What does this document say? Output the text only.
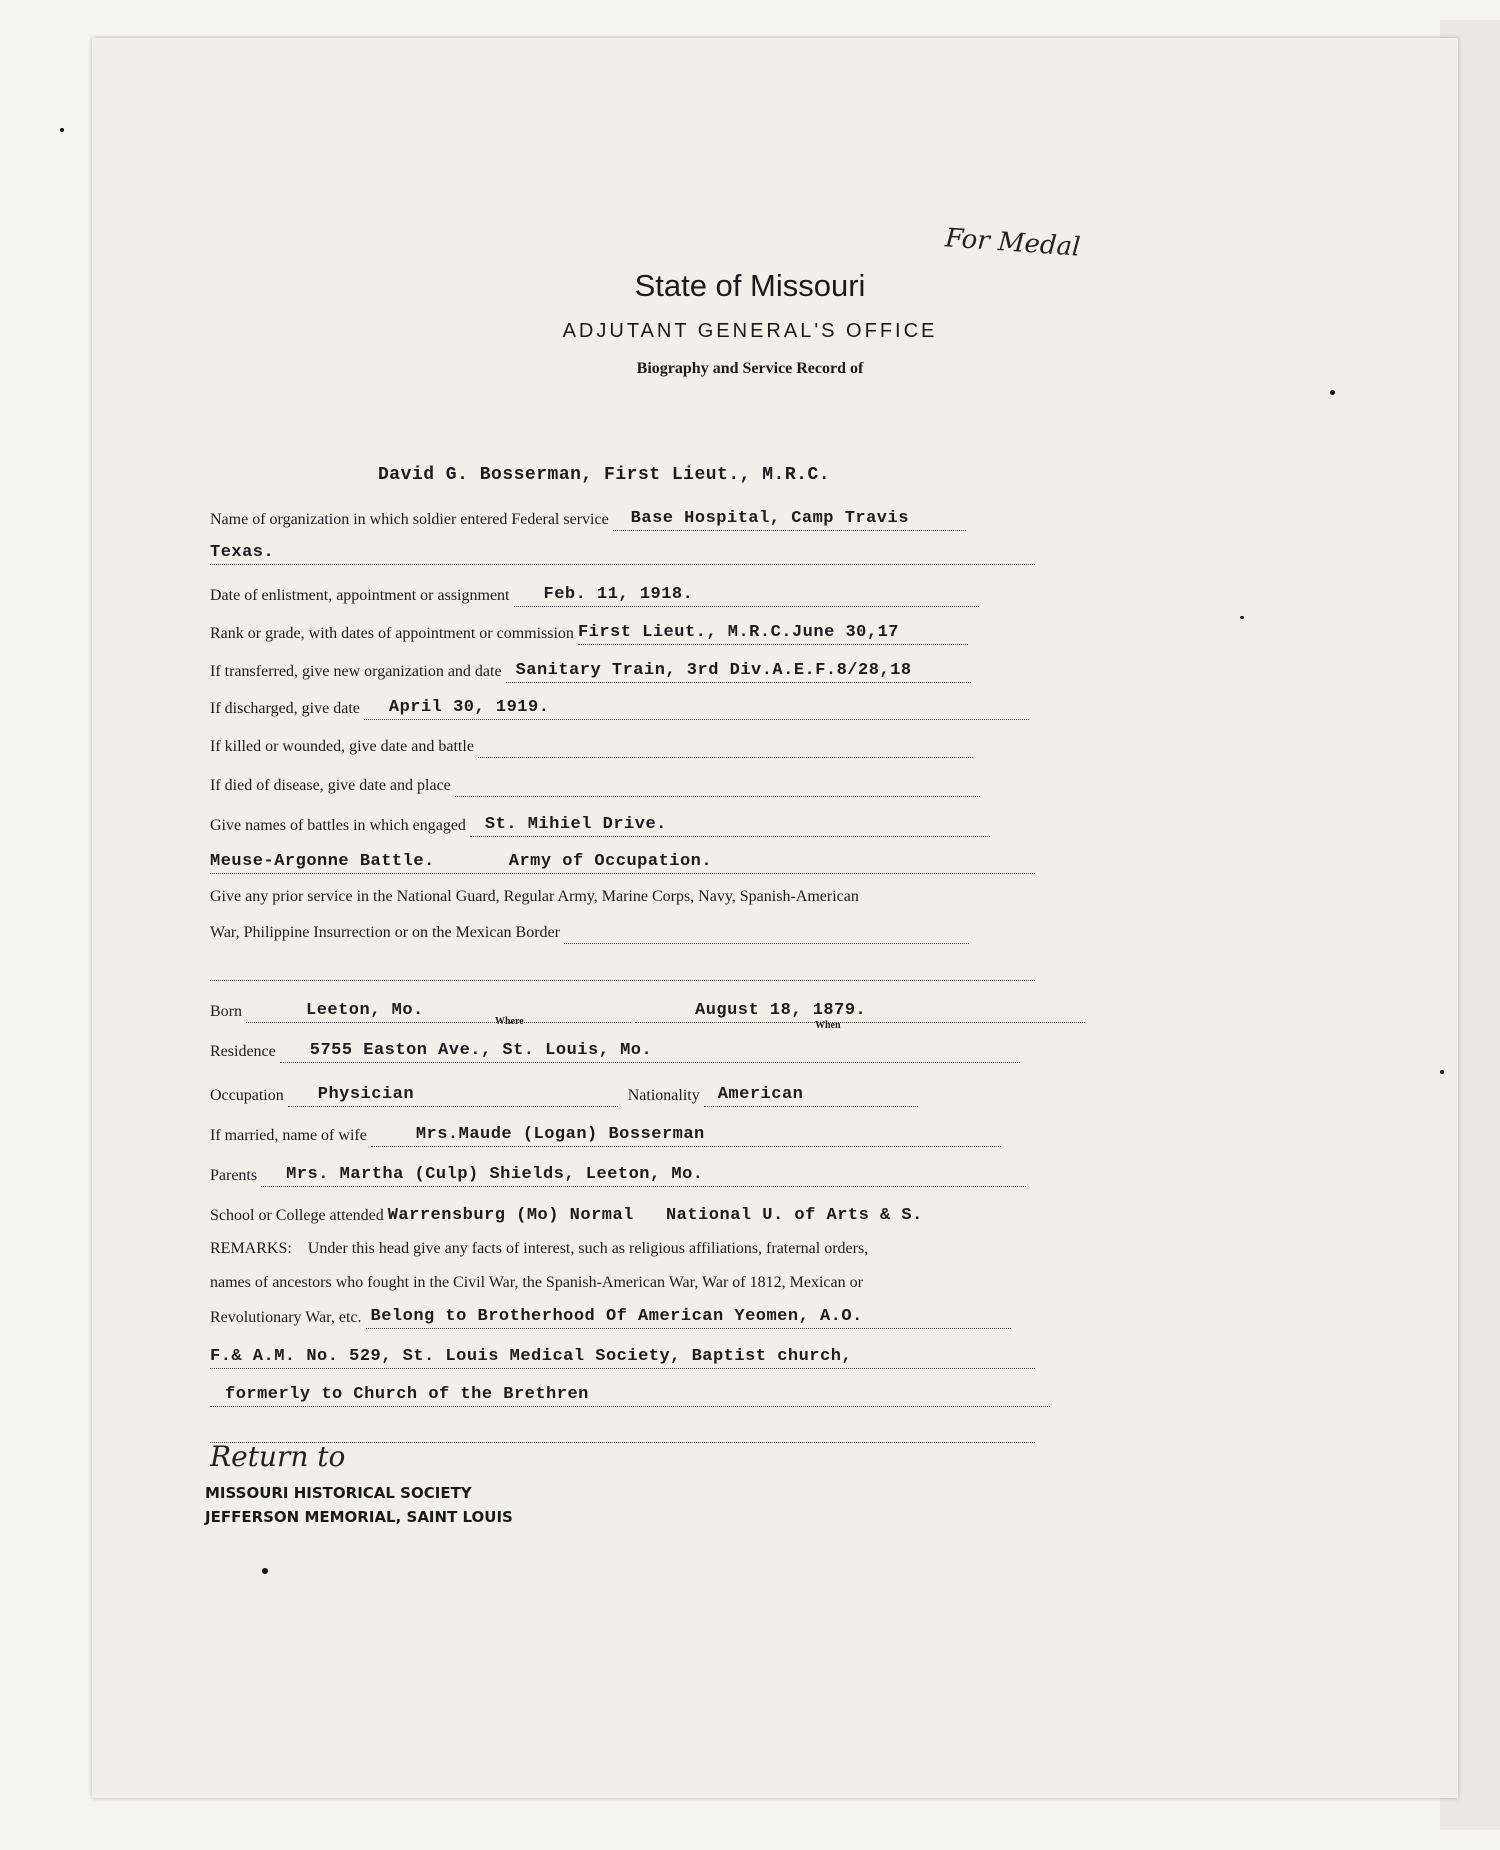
For Medal
State of Missouri
ADJUTANT GENERAL'S OFFICE
Biography and Service Record of
David G. Bosserman, First Lieut., M.R.C.
Name of organization in which soldier entered Federal service Base Hospital, Camp Travis
Texas.
Date of enlistment, appointment or assignment Feb. 11, 1918.
Rank or grade, with dates of appointment or commission First Lieut., M.R.C.June 30,17
If transferred, give new organization and date Sanitary Train, 3rd Div.A.E.F.8/28,18
If discharged, give date April 30, 1919.
If killed or wounded, give date and battle
If died of disease, give date and place
Give names of battles in which engaged St. Mihiel Drive.
Meuse-Argonne Battle.	Army of Occupation.
Give any prior service in the National Guard, Regular Army, Marine Corps, Navy, Spanish-American
War, Philippine Insurrection or on the Mexican Border
Born	Leeton, Mo.	August 18, 1879.
Where	When
Residence 5755 Easton Ave., St. Louis, Mo.
Occupation Physician	Nationality American
If married, name of wife	Mrs.Maude (Logan) Bosserman
Parents Mrs. Martha (Culp) Shields, Leeton, Mo.
School or College attended Warrensburg (Mo) Normal   National U. of Arts & S.
REMARKS: Under this head give any facts of interest, such as religious affiliations, fraternal orders,
names of ancestors who fought in the Civil War, the Spanish-American War, War of 1812, Mexican or
Revolutionary War, etc. Belong to Brotherhood Of American Yeomen, A.O.
F.& A.M. No. 529, St. Louis Medical Society, Baptist church,
formerly to Church of the Brethren
Return to
MISSOURI HISTORICAL SOCIETY
JEFFERSON MEMORIAL, SAINT LOUIS
